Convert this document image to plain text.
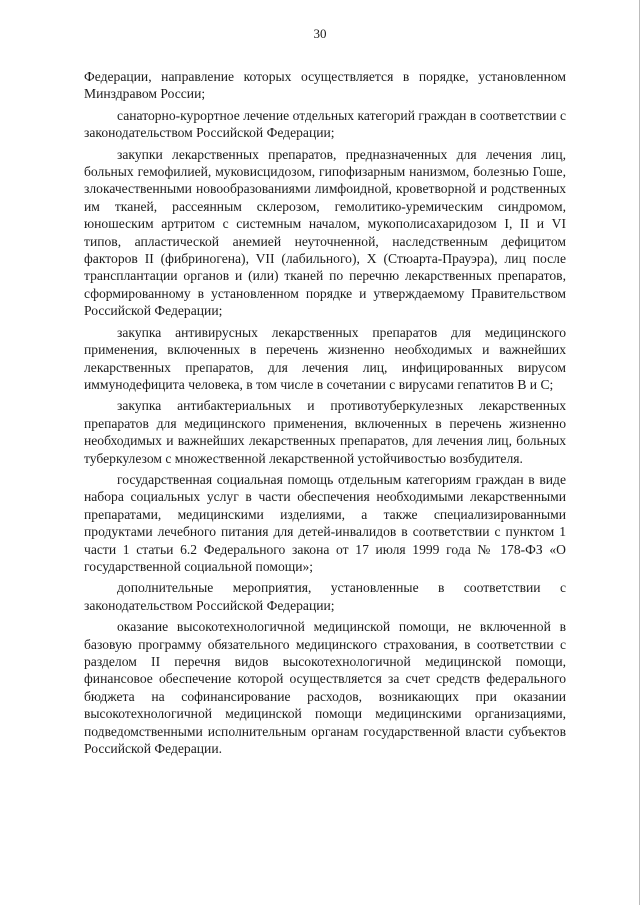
30

Федерации, направление которых осуществляется в порядке, установленном Минздравом России;

санаторно-курортное лечение отдельных категорий граждан в соответствии с законодательством Российской Федерации;

закупки лекарственных препаратов, предназначенных для лечения лиц, больных гемофилией, муковисцидозом, гипофизарным нанизмом, болезнью Гоше, злокачественными новообразованиями лимфоидной, кроветворной и родственных им тканей, рассеянным склерозом, гемолитико-уремическим синдромом, юношеским артритом с системным началом, мукополисахаридозом I, II и VI типов, апластической анемией неуточненной, наследственным дефицитом факторов II (фибриногена), VII (лабильного), X (Стюарта-Прауэра), лиц после трансплантации органов и (или) тканей по перечню лекарственных препаратов, сформированному в установленном порядке и утверждаемому Правительством Российской Федерации;

закупка антивирусных лекарственных препаратов для медицинского применения, включенных в перечень жизненно необходимых и важнейших лекарственных препаратов, для лечения лиц, инфицированных вирусом иммунодефицита человека, в том числе в сочетании с вирусами гепатитов B и C;

закупка антибактериальных и противотуберкулезных лекарственных препаратов для медицинского применения, включенных в перечень жизненно необходимых и важнейших лекарственных препаратов, для лечения лиц, больных туберкулезом с множественной лекарственной устойчивостью возбудителя.

государственная социальная помощь отдельным категориям граждан в виде набора социальных услуг в части обеспечения необходимыми лекарственными препаратами, медицинскими изделиями, а также специализированными продуктами лечебного питания для детей-инвалидов в соответствии с пунктом 1 части 1 статьи 6.2 Федерального закона от 17 июля 1999 года № 178-ФЗ «О государственной социальной помощи»;

дополнительные мероприятия, установленные в соответствии с законодательством Российской Федерации;

оказание высокотехнологичной медицинской помощи, не включенной в базовую программу обязательного медицинского страхования, в соответствии с разделом II перечня видов высокотехнологичной медицинской помощи, финансовое обеспечение которой осуществляется за счет средств федерального бюджета на софинансирование расходов, возникающих при оказании высокотехнологичной медицинской помощи медицинскими организациями, подведомственными исполнительным органам государственной власти субъектов Российской Федерации.
